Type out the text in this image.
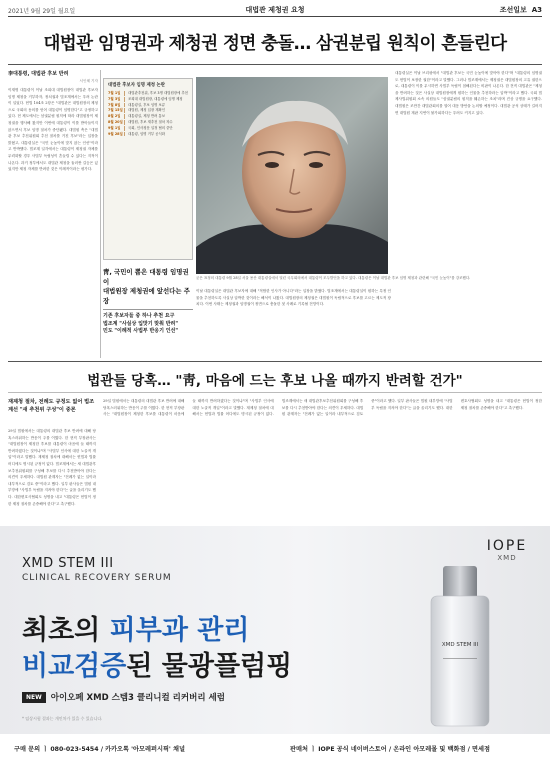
2021년 9월 29일 월요일	대법관 제청권 요청	조선일보 A3
대법관 임명권과 제청권 정면 충돌… 삼권분립 원칙이 흔들린다
李대통령, 대법관 후보 반려
서인혜 기자
이재명 대통령이 이날 조희대 대법원장이 대법관 후보자 임명 제청을 거부하자, 정치권과 법조계에서는 우려 논란이 일었다. 헌법 104조 2항은 "대법관은 대법원장의 제청으로 국회의 동의를 얻어 대통령이 임명한다"고 규정하고 있다. 현 제도에서는 삼권분립 원칙에 따라 대법원장이 제청권을 행사해 왔지만 이번에 대통령이 이를 받아들이지 않으면서 후보 임명 절차가 중단됐다. 대법원 측은 "대법관 후보 추천위원회 추천 절차를 거친 후보"라는 입장을 밝혔고, 대통령실은 "국민 눈높이에 맞지 않는 인선"이라고 반박했다. 법조계 일각에서는 대통령이 제청권 자체를 무력화할 경우 사법부 독립성이 흔들릴 수 있다는 지적이 나온다. 과거 정부에서도 대법관 제청을 둘러싼 갈등은 있었지만 제청 자체를 반려한 것은 이례적이라는 평가다.
대법관 후보자 임명 제청 논란
7월 1일	대법관추천위, 후보 3명 대법원장에 추천
7월 3일	조희대 대법원장, 대통령에 임명 제청
7월 8일	대통령실, 후보 임명 보류
7월 15일	대법원, 제청 입장 재확인
8월 2일	대통령실, 제청 반려 통보
8월 20일	대법원, 후보 재추천 절차 착수
9월 1일	국회, 인사청문 일정 협의 중단
9월 28일	대통령, 임명 거부 공식화
대통령실은 이날 브리핑에서 "대법관 후보는 국민 눈높이에 맞아야 한다"며 "대통령의 임명권도 헌법이 보장한 권한"이라고 말했다. 그러나 법조계에서는 제청권은 대법원장의 고유 권한으로, 대통령이 이를 무시하면 사법부 독립이 침해된다는 비판이 나온다. 한 전직 대법관은 "제청을 반려하는 것은 사실상 대법원장에게 원하는 인물을 추천하라는 압박"이라고 했다. 국회 법제사법위원회 소속 의원들도 "삼권분립의 원칙을 훼손하는 조치"라며 진상 규명을 요구했다. 대법원은 조만간 대법관회의를 열어 대응 방안을 논의할 예정이다. 대법관 공석 상태가 길어지면 대법원 재판 지연이 불가피하다는 우려도 커지고 있다.
굳은 표정의 대통령 9월 28일 서울 용산 대통령실에서 열린 국무회의에서 대통령이 모두발언을 하고 있다. 대통령은 이날 대법관 후보 임명 제청과 관련해 "국민 눈높이"를 강조했다.
靑, 국민이 뽑은 대통령 임명권이
대법원장 제청권에 앞선다는 주장
기존 후보자들 중 하나 추천 요구
법조계 "사실상 입맛기 맞춰 반려"
민도 "이례적 사법부 반응기 인선"
이날 대통령실은 대법관 후보자에 대해 "적합한 인사가 아니다"라는 입장을 밝혔다. 법조계에서는 대통령실이 원하는 특정 인물을 추천하도록 사실상 압박한 것이라는 해석이 나왔다. 대법원장의 제청권은 대법원이 독립적으로 후보를 고르는 제도적 장치다. 이번 사태는 제청권과 임명권이 정면으로 충돌한 첫 사례로 기록될 전망이다.
법관들 당혹… "靑, 마음에 드는 후보 나올 때까지 반려할 건가"
재제청 절차, 전례도 규정도 없어 법조계선 "새 추천위 구성"이 중론
29일 법원에서는 대통령의 대법관 후보 반려에 대해 당혹스러워하는 반응이 주를 이뤘다. 한 현직 부장판사는 "대법원장이 제청한 후보를 대통령이 마음에 들 때까지 반려하겠다는 것이냐"며 "사법부 인사에 대한 노골적 개입"이라고 말했다. 재제청 절차에 대해서는 헌법과 법률 어디에도 명시된 규정이 없다. 법조계에서는 새 대법관후보추천위원회를 구성해 후보를 다시 추천받아야 한다는 의견이 우세하다. 대법원 관계자는 "전례가 없는 일이라 내부적으로 검토 중"이라고 했다. 일부 판사들은 법원 내부망에 "사법부 독립을 지켜야 한다"는 글을 올리기도 했다. 대한변호사협회도 성명을 내고 "대통령은 헌법이 정한 제청 절차를 존중해야 한다"고 촉구했다.
29일 법원에서는 대통령의 대법관 후보 반려에 대해 당혹스러워하는 반응이 주를 이뤘다. 한 현직 부장판사는 "대법원장이 제청한 후보를 대통령이 마음에 들 때까지 반려하겠다는 것이냐"며 "사법부 인사에 대한 노골적 개입"이라고 말했다. 재제청 절차에 대해서는 헌법과 법률 어디에도 명시된 규정이 없다. 법조계에서는 새 대법관후보추천위원회를 구성해 후보를 다시 추천받아야 한다는 의견이 우세하다. 대법원 관계자는 "전례가 없는 일이라 내부적으로 검토 중"이라고 했다. 일부 판사들은 법원 내부망에 "사법부 독립을 지켜야 한다"는 글을 올리기도 했다. 대한변호사협회도 성명을 내고 "대통령은 헌법이 정한 제청 절차를 존중해야 한다"고 촉구했다.
XMD STEM III
CLINICAL RECOVERY SERUM
IOPE
XMD
최초의 피부과 관리
비교검증된 물광플럼핑
NEW	아이오페 XMD 스템3 클리니컬 리커버리 세럼
* 임상시험 결과는 개인차가 있을 수 있습니다.
XMD STEM III
구매 문의 ㅣ 080-023-5454 / 카카오톡 '아모레퍼시픽' 채널	판매처 ㅣ IOPE 공식 네이버스토어 / 온라인 아모레몰 및 백화점 / 면세점
